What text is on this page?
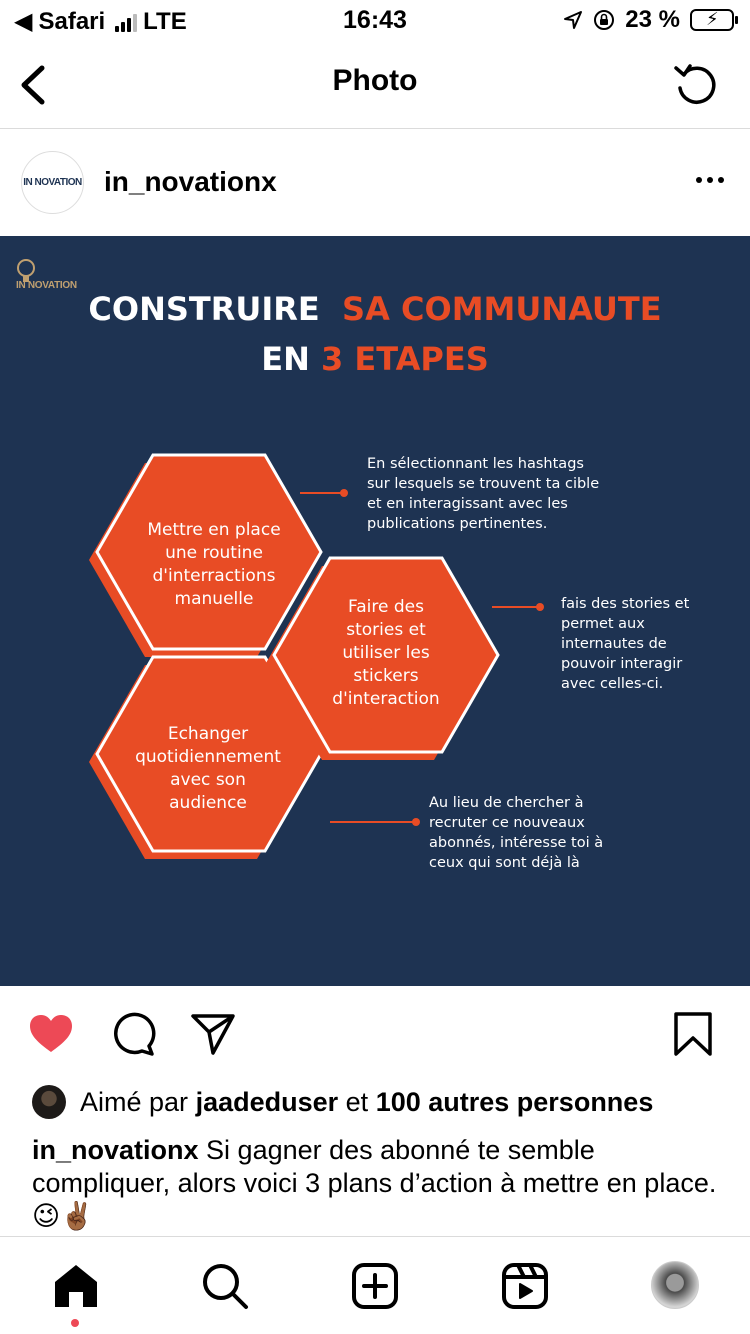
◀ Safari LTE	16:43	23 % ⚡
Photo
IN NOVATION in_novationx
IN NOVATION
CONSTRUIRE SA COMMUNAUTE
EN 3 ETAPES
Mettre en place
une routine
d'interractions
manuelle	Faire des
stories et
utiliser les
stickers
d'interaction
Echanger
quotidiennement
avec son
audience
En sélectionnant les hashtags
sur lesquels se trouvent ta cible
et en interagissant avec les
publications pertinentes.
fais des stories et
permet aux
internautes de
pouvoir interagir
avec celles-ci.
Au lieu de chercher à
recruter ce nouveaux
abonnés, intéresse toi à
ceux qui sont déjà là
Aimé par
jaadeduser
et
100 autres personnes
in_novationx Si gagner des abonné te semble compliquer, alors voici 3 plans d’action à mettre en place.😉✌🏾
